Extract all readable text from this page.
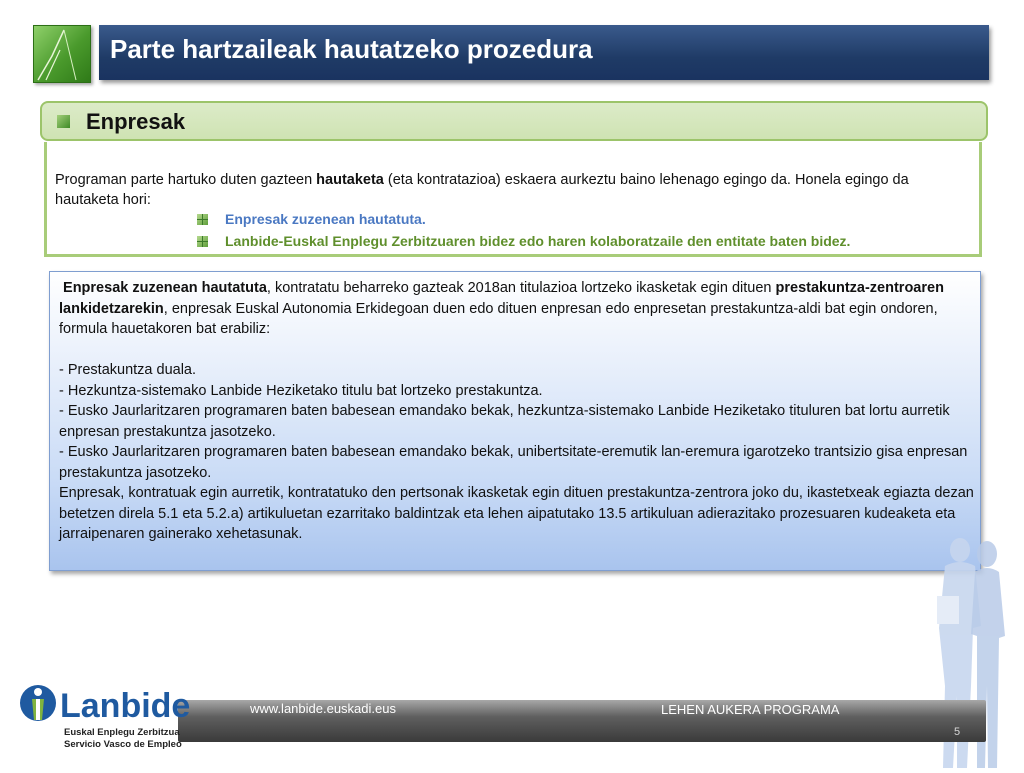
Parte hartzaileak hautatzeko prozedura
Enpresak
Programan parte hartuko duten gazteen hautaketa (eta kontratazioa) eskaera aurkeztu baino lehenago egingo da. Honela egingo da hautaketa hori:
Enpresak zuzenean hautatuta.
Lanbide-Euskal Enplegu Zerbitzuaren bidez edo haren kolaboratzaile den entitate baten bidez.

Enpresak zuzenean hautatuta, kontratatu beharreko gazteak 2018an titulazioa lortzeko ikasketak egin dituen prestakuntza-zentroaren lankidetzarekin, enpresak Euskal Autonomia Erkidegoan duen edo dituen enpresan edo enpresetan prestakuntza-aldi bat egin ondoren, formula hauetakoren bat erabiliz:

- Prestakuntza duala.

- Hezkuntza-sistemako Lanbide Heziketako titulu bat lortzeko prestakuntza.

- Eusko Jaurlaritzaren programaren baten babesean emandako bekak, hezkuntza-sistemako Lanbide Heziketako tituluren bat lortu aurretik enpresan prestakuntza jasotzeko.

- Eusko Jaurlaritzaren programaren baten babesean emandako bekak, unibertsitate-eremutik lan-eremura igarotzeko trantsizio gisa enpresan prestakuntza jasotzeko.

Enpresak, kontratuak egin aurretik, kontratatuko den pertsonak ikasketak egin dituen prestakuntza-zentrora joko du, ikastetxeak egiazta dezan betetzen direla 5.1 eta 5.2.a) artikuluetan ezarritako baldintzak eta lehen aipatutako 13.5 artikuluan adierazitako prozesuaren kudeaketa eta jarraipenaren gainerako xehetasunak.

www.lanbide.euskadi.eus	LEHEN AUKERA PROGRAMA
5
Lanbide
Euskal Enplegu Zerbitzua
Servicio Vasco de Empleo
